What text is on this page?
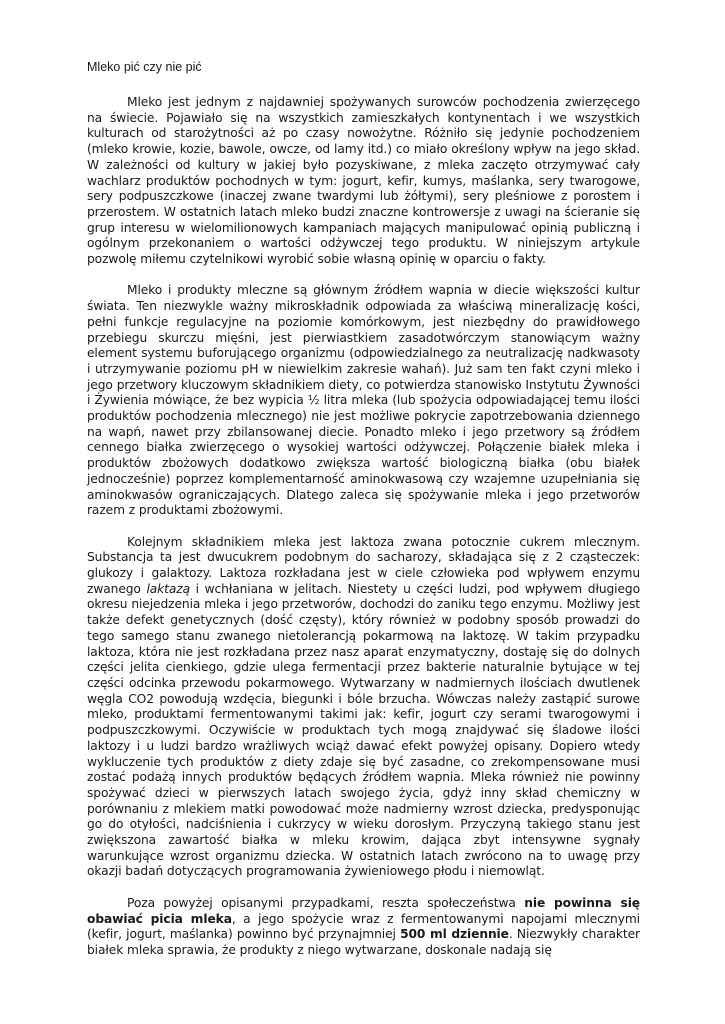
Mleko pić czy nie pić

Mleko jest jednym z najdawniej spożywanych surowców pochodzenia zwierzęcego na świecie. Pojawiało się na wszystkich zamieszkałych kontynentach i we wszystkich kulturach od starożytności aż po czasy nowożytne. Różniło się jedynie pochodzeniem (mleko krowie, kozie, bawole, owcze, od lamy itd.) co miało określony wpływ na jego skład. W zależności od kultury w jakiej było pozyskiwane, z mleka zaczęto otrzymywać cały wachlarz produktów pochodnych w tym: jogurt, kefir, kumys, maślanka, sery twarogowe, sery podpuszczkowe (inaczej zwane twardymi lub żółtymi), sery pleśniowe z porostem i przerostem. W ostatnich latach mleko budzi znaczne kontrowersje z uwagi na ścieranie się grup interesu w wielomilionowych kampaniach mających manipulować opinią publiczną i ogólnym przekonaniem o wartości odżywczej tego produktu. W niniejszym artykule pozwolę miłemu czytelnikowi wyrobić sobie własną opinię w oparciu o fakty.

Mleko i produkty mleczne są głównym źródłem wapnia w diecie większości kultur świata. Ten niezwykle ważny mikroskładnik odpowiada za właściwą mineralizację kości, pełni funkcje regulacyjne na poziomie komórkowym, jest niezbędny do prawidłowego przebiegu skurczu mięśni, jest pierwiastkiem zasadotwórczym stanowiącym ważny element systemu buforującego organizmu (odpowiedzialnego za neutralizację nadkwasoty i utrzymywanie poziomu pH w niewielkim zakresie wahań). Już sam ten fakt czyni mleko i jego przetwory kluczowym składnikiem diety, co potwierdza stanowisko Instytutu Żywności i Żywienia mówiące, że bez wypicia ½ litra mleka (lub spożycia odpowiadającej temu ilości produktów pochodzenia mlecznego) nie jest możliwe pokrycie zapotrzebowania dziennego na wapń, nawet przy zbilansowanej diecie. Ponadto mleko i jego przetwory są źródłem cennego białka zwierzęcego o wysokiej wartości odżywczej. Połączenie białek mleka i produktów zbożowych dodatkowo zwiększa wartość biologiczną białka (obu białek jednocześnie) poprzez komplementarność aminokwasową czy wzajemne uzupełniania się aminokwasów ograniczających. Dlatego zaleca się spożywanie mleka i jego przetworów razem z produktami zbożowymi.

Kolejnym składnikiem mleka jest laktoza zwana potocznie cukrem mlecznym. Substancja ta jest dwucukrem podobnym do sacharozy, składająca się z 2 cząsteczek: glukozy i galaktozy. Laktoza rozkładana jest w ciele człowieka pod wpływem enzymu zwanego laktazą i wchłaniana w jelitach. Niestety u części ludzi, pod wpływem długiego okresu niejedzenia mleka i jego przetworów, dochodzi do zaniku tego enzymu. Możliwy jest także defekt genetycznych (dość częsty), który również w podobny sposób prowadzi do tego samego stanu zwanego nietolerancją pokarmową na laktozę. W takim przypadku laktoza, która nie jest rozkładana przez nasz aparat enzymatyczny, dostaję się do dolnych części jelita cienkiego, gdzie ulega fermentacji przez bakterie naturalnie bytujące w tej części odcinka przewodu pokarmowego. Wytwarzany w nadmiernych ilościach dwutlenek węgla CO2 powodują wzdęcia, biegunki i bóle brzucha. Wówczas należy zastąpić surowe mleko, produktami fermentowanymi takimi jak: kefir, jogurt czy serami twarogowymi i podpuszczkowymi. Oczywiście w produktach tych mogą znajdywać się śladowe ilości laktozy i u ludzi bardzo wrażliwych wciąż dawać efekt powyżej opisany. Dopiero wtedy wykluczenie tych produktów z diety zdaje się być zasadne, co zrekompensowane musi zostać podażą innych produktów będących źródłem wapnia. Mleka również nie powinny spożywać dzieci w pierwszych latach swojego życia, gdyż inny skład chemiczny w porównaniu z mlekiem matki powodować może nadmierny wzrost dziecka, predysponując go do otyłości, nadciśnienia i cukrzycy w wieku dorosłym. Przyczyną takiego stanu jest zwiększona zawartość białka w mleku krowim, dająca zbyt intensywne sygnały warunkujące wzrost organizmu dziecka. W ostatnich latach zwrócono na to uwagę przy okazji badań dotyczących programowania żywieniowego płodu i niemowląt.

Poza powyżej opisanymi przypadkami, reszta społeczeństwa nie powinna się obawiać picia mleka, a jego spożycie wraz z fermentowanymi napojami mlecznymi (kefir, jogurt, maślanka) powinno być przynajmniej 500 ml dziennie. Niezwykły charakter białek mleka sprawia, że produkty z niego wytwarzane, doskonale nadają się
